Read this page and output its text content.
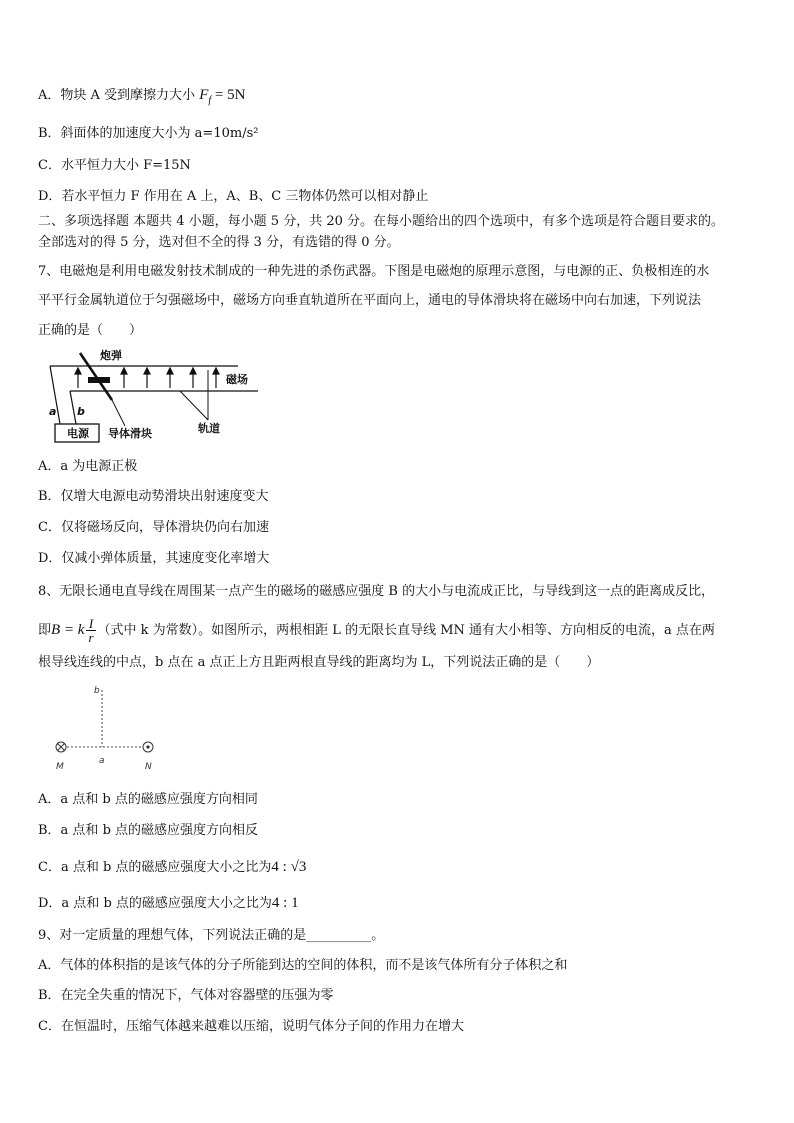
A．物块 A 受到摩擦力大小 $F_f = 5N$
B．斜面体的加速度大小为 a=10m/s²
C．水平恒力大小 F=15N
D．若水平恒力 F 作用在 A 上，A、B、C 三物体仍然可以相对静止
二、多项选择题 本题共 4 小题，每小题 5 分，共 20 分。在每小题给出的四个选项中，有多个选项是符合题目要求的。
全部选对的得 5 分，选对但不全的得 3 分，有选错的得 0 分。
7、电磁炮是利用电磁发射技术制成的一种先进的杀伤武器。下图是电磁炮的原理示意图，与电源的正、负极相连的水
平平行金属轨道位于匀强磁场中，磁场方向垂直轨道所在平面向上，通电的导体滑块将在磁场中向右加速，下列说法
正确的是（　　）
电源
a b
炮弹
磁场
导体滑块	轨道
A．a 为电源正极
B．仅增大电源电动势滑块出射速度变大
C．仅将磁场反向，导体滑块仍向右加速
D．仅减小弹体质量，其速度变化率增大
8、无限长通电直导线在周围某一点产生的磁场的磁感应强度 B 的大小与电流成正比，与导线到这一点的距离成反比，
即B = k $\frac{I}{r}$ （式中 k 为常数）。如图所示，两根相距 L 的无限长直导线 MN 通有大小相等、方向相反的电流，a 点在两
根导线连线的中点，b 点在 a 点正上方且距两根直导线的距离均为 L，下列说法正确的是（　　）
b
a
M	N
A．a 点和 b 点的磁感应强度方向相同
B．a 点和 b 点的磁感应强度方向相反
C．a 点和 b 点的磁感应强度大小之比为4 : √3
D．a 点和 b 点的磁感应强度大小之比为4 : 1
9、对一定质量的理想气体，下列说法正确的是__________。
A．气体的体积指的是该气体的分子所能到达的空间的体积，而不是该气体所有分子体积之和
B．在完全失重的情况下，气体对容器壁的压强为零
C．在恒温时，压缩气体越来越难以压缩，说明气体分子间的作用力在增大
